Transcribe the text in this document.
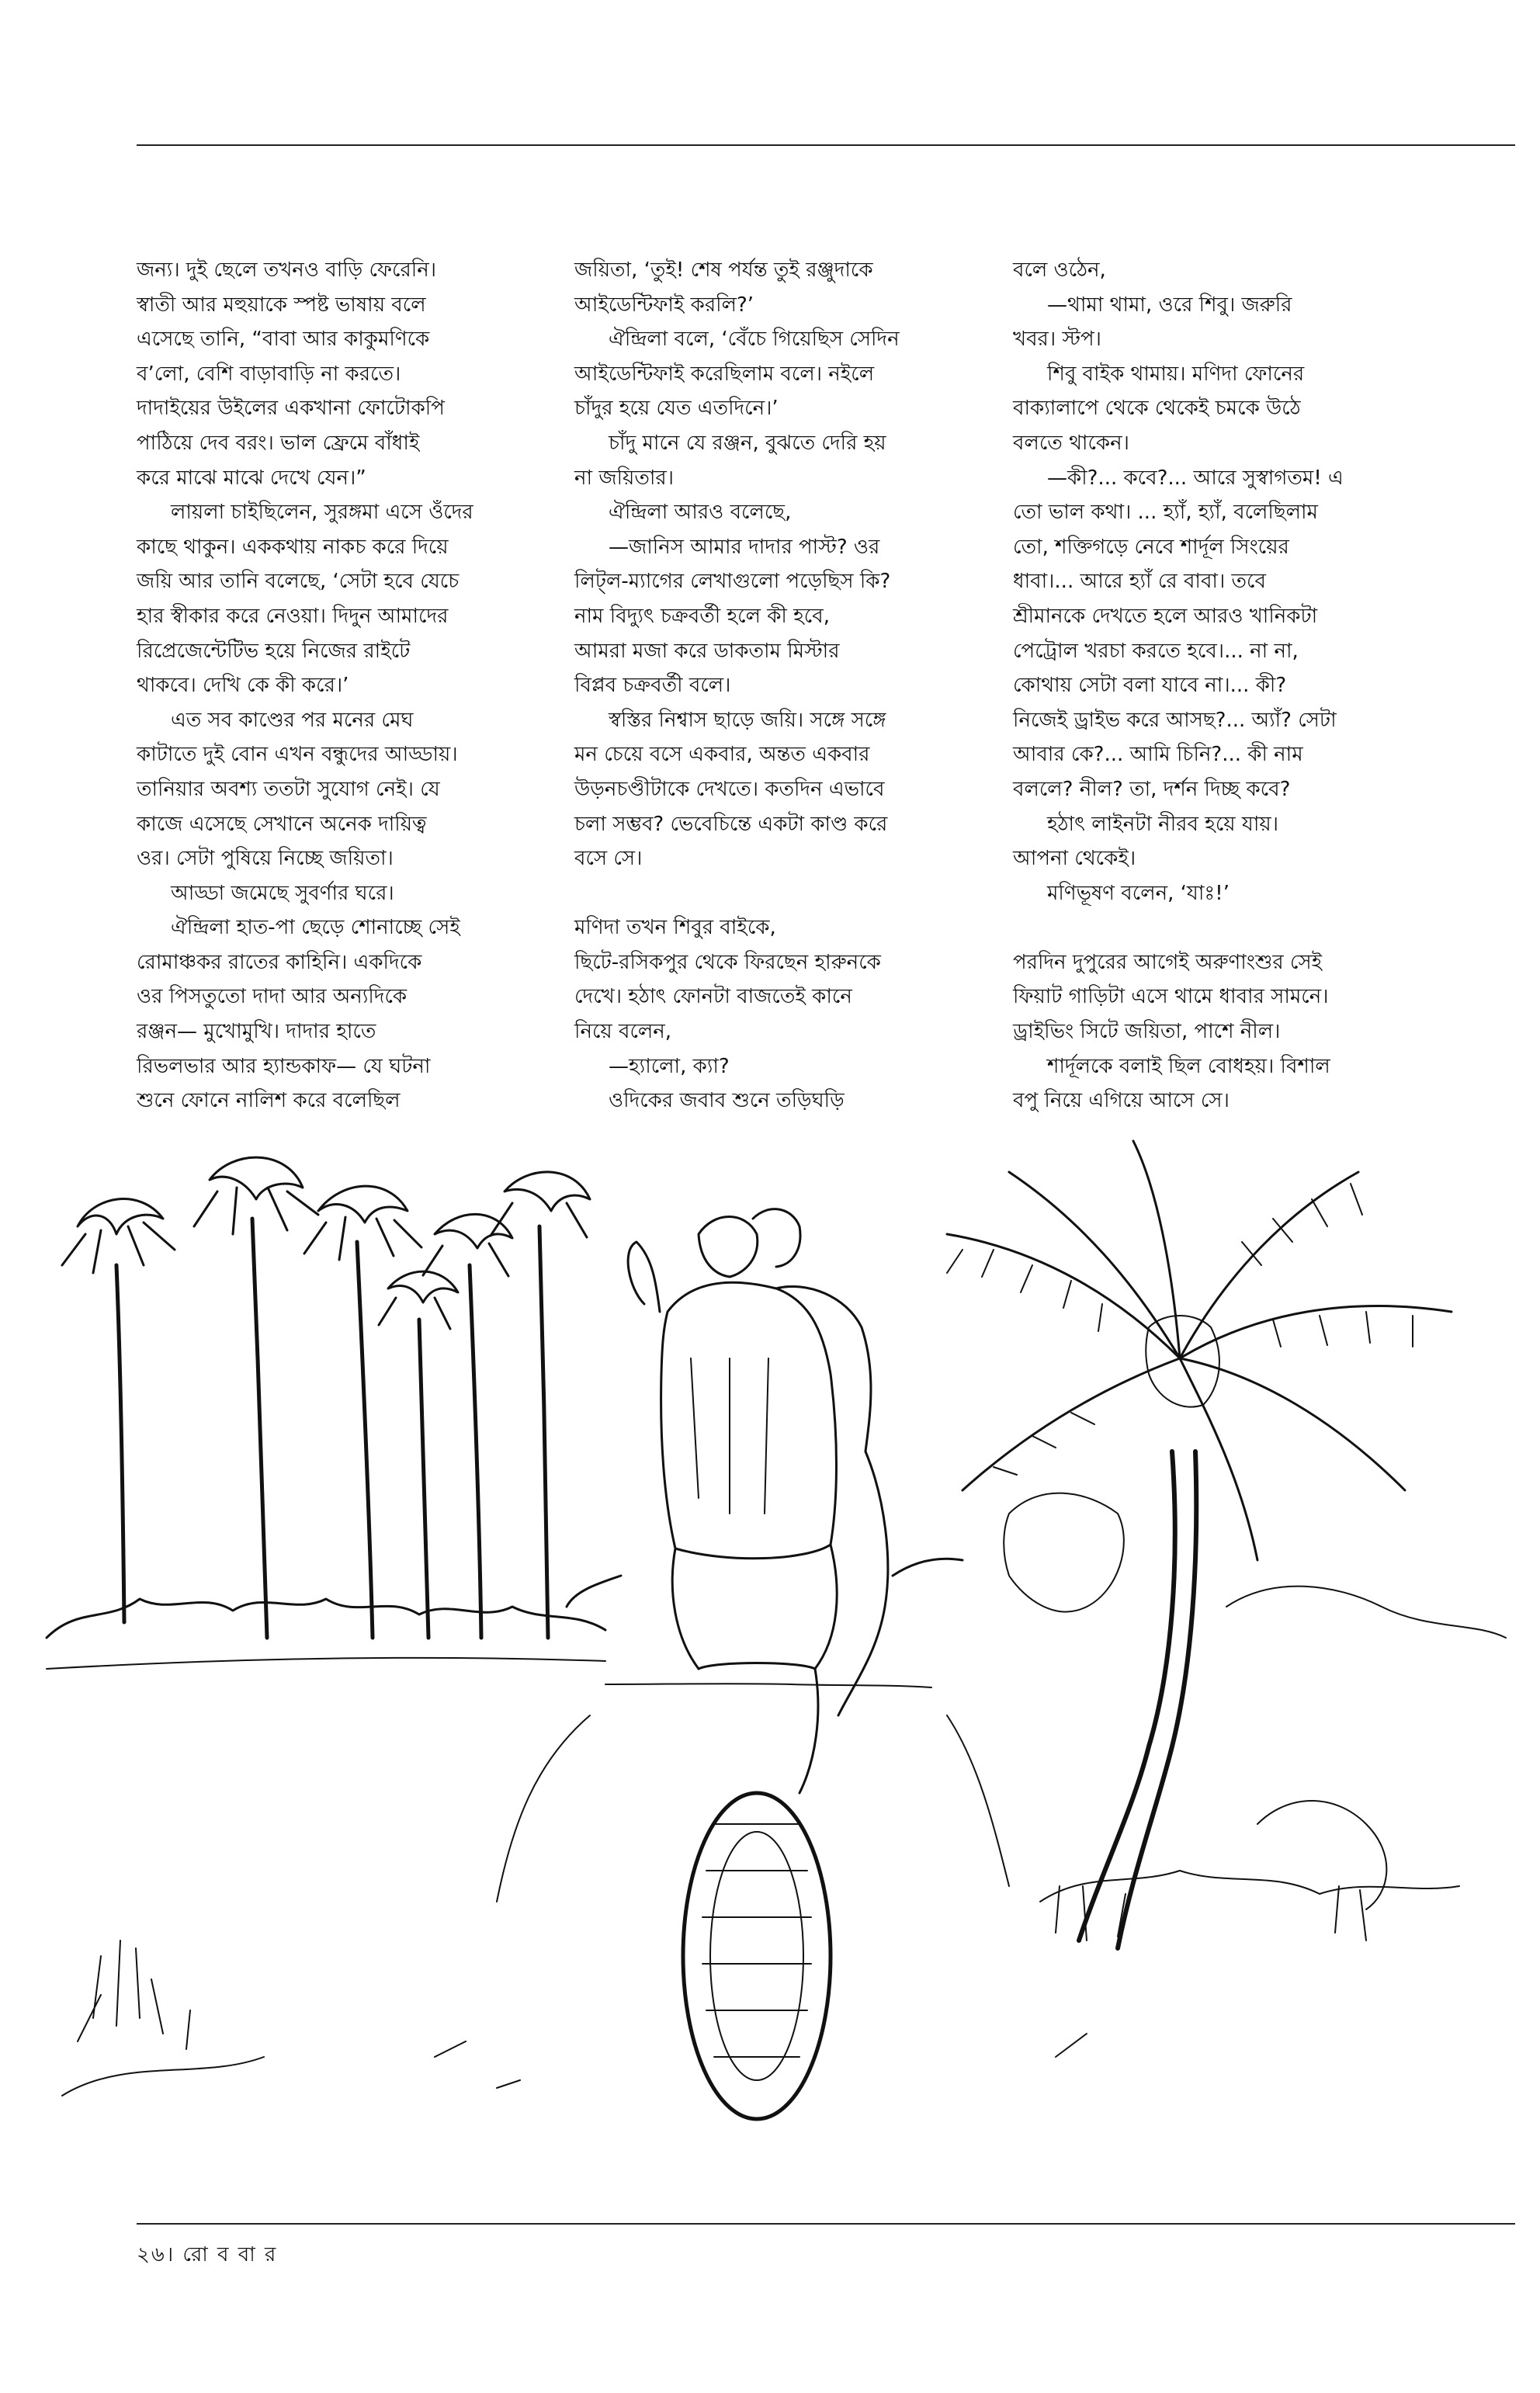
জন্য। দুই ছেলে তখনও বাড়ি ফেরেনি।

স্বাতী আর মহুয়াকে স্পষ্ট ভাষায় বলে

এসেছে তানি, “বাবা আর কাকুমণিকে

ব’লো, বেশি বাড়াবাড়ি না করতে।

দাদাইয়ের উইলের একখানা ফোটোকপি

পাঠিয়ে দেব বরং। ভাল ফ্রেমে বাঁধাই

করে মাঝে মাঝে দেখে যেন।”

লায়লা চাইছিলেন, সুরঙ্গমা এসে ওঁদের

কাছে থাকুন। এককথায় নাকচ করে দিয়ে

জয়ি আর তানি বলেছে, ‘সেটা হবে যেচে

হার স্বীকার করে নেওয়া। দিদুন আমাদের

রিপ্রেজেন্টেটিভ হয়ে নিজের রাইটে

থাকবে। দেখি কে কী করে।’

এত সব কাণ্ডের পর মনের মেঘ

কাটাতে দুই বোন এখন বন্ধুদের আড্ডায়।

তানিয়ার অবশ্য ততটা সুযোগ নেই। যে

কাজে এসেছে সেখানে অনেক দায়িত্ব

ওর। সেটা পুষিয়ে নিচ্ছে জয়িতা।

আড্ডা জমেছে সুবর্ণার ঘরে।

ঐন্দ্রিলা হাত-পা ছেড়ে শোনাচ্ছে সেই

রোমাঞ্চকর রাতের কাহিনি। একদিকে

ওর পিসতুতো দাদা আর অন্যদিকে

রঞ্জন— মুখোমুখি। দাদার হাতে

রিভলভার আর হ্যান্ডকাফ— যে ঘটনা

শুনে ফোনে নালিশ করে বলেছিল

জয়িতা, ‘তুই! শেষ পর্যন্ত তুই রঞ্জুদাকে

আইডেন্টিফাই করলি?’

ঐন্দ্রিলা বলে, ‘বেঁচে গিয়েছিস সেদিন

আইডেন্টিফাই করেছিলাম বলে। নইলে

চাঁদুর হয়ে যেত এতদিনে।’

চাঁদু মানে যে রঞ্জন, বুঝতে দেরি হয়

না জয়িতার।

ঐন্দ্রিলা আরও বলেছে,

—জানিস আমার দাদার পাস্ট? ওর

লিট্‌ল-ম্যাগের লেখাগুলো পড়েছিস কি?

নাম বিদ্যুৎ চক্রবর্তী হলে কী হবে,

আমরা মজা করে ডাকতাম মিস্টার

বিপ্লব চক্রবর্তী বলে।

স্বস্তির নিশ্বাস ছাড়ে জয়ি। সঙ্গে সঙ্গে

মন চেয়ে বসে একবার, অন্তত একবার

উড়নচণ্ডীটাকে দেখতে। কতদিন এভাবে

চলা সম্ভব? ভেবেচিন্তে একটা কাণ্ড করে

বসে সে।

মণিদা তখন শিবুর বাইকে,

ছিটে-রসিকপুর থেকে ফিরছেন হারুনকে

দেখে। হঠাৎ ফোনটা বাজতেই কানে

নিয়ে বলেন,

—হ্যালো, ক্যা?

ওদিকের জবাব শুনে তড়িঘড়ি

বলে ওঠেন,

—থামা থামা, ওরে শিবু। জরুরি

খবর। স্টপ।

শিবু বাইক থামায়। মণিদা ফোনের

বাক্যালাপে থেকে থেকেই চমকে উঠে

বলতে থাকেন।

—কী?... কবে?... আরে সুস্বাগতম! এ

তো ভাল কথা। ... হ্যাঁ, হ্যাঁ, বলেছিলাম

তো, শক্তিগড়ে নেবে শার্দূল সিংয়ের

ধাবা।... আরে হ্যাঁ রে বাবা। তবে

শ্রীমানকে দেখতে হলে আরও খানিকটা

পেট্রোল খরচা করতে হবে।... না না,

কোথায় সেটা বলা যাবে না।... কী?

নিজেই ড্রাইভ করে আসছ?... অ্যাঁ? সেটা

আবার কে?... আমি চিনি?... কী নাম

বললে? নীল? তা, দর্শন দিচ্ছ কবে?

হঠাৎ লাইনটা নীরব হয়ে যায়।

আপনা থেকেই।

মণিভূষণ বলেন, ‘যাঃ!’

পরদিন দুপুরের আগেই অরুণাংশুর সেই

ফিয়াট গাড়িটা এসে থামে ধাবার সামনে।

ড্রাইভিং সিটে জয়িতা, পাশে নীল।

শার্দূলকে বলাই ছিল বোধহয়। বিশাল

বপু নিয়ে এগিয়ে আসে সে।

২৬। রো ব বা র
